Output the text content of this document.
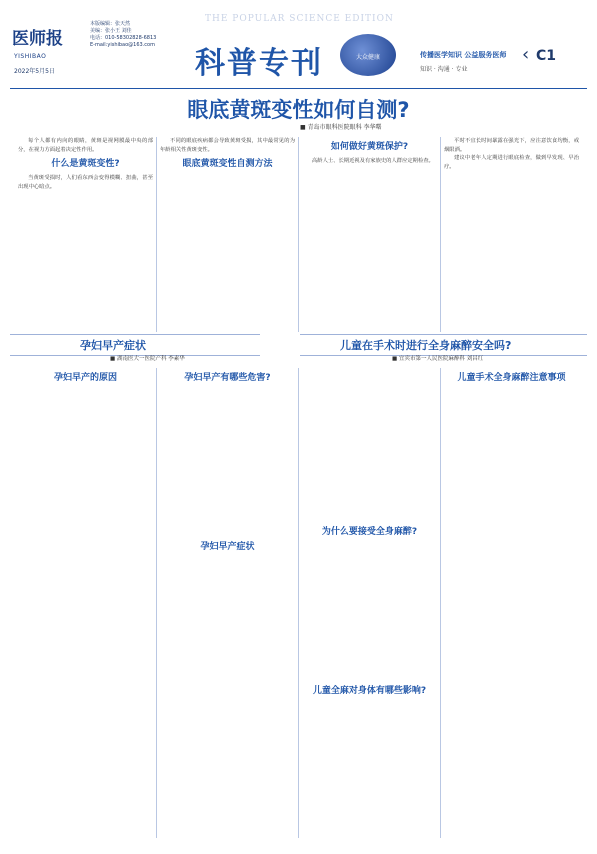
医师报
YISHIBAO
本版编辑：张天然
美编：张小王 刘佳
电话：010-58302828-6813
E-mail:yishibao@163.com
2022年5月5日
THE POPULAR SCIENCE EDITION
科普专刊	大众健康	传播医学知识 公益服务医师
知识 · 沟通 · 专业
‹ C1
眼底黄斑变性如何自测?
■ 青岛市眼科医院眼科 李华曙

每个人都有内向的眼睛，黄斑是视网膜最中央的部分，在视力方面起着决定性作用。

什么是黄斑变性?

当黄斑受损时，人们看东西会变得模糊、扭曲，甚至出现中心暗点。

不同的眼底疾病都会导致黄斑受损，其中最常见的为年龄相关性黄斑变性。

眼底黄斑变性自测方法
如何做好黄斑保护?

高龄人士、长期近视及有家族史的人群应定期检查。

平时不宜长时间暴露在强光下，应注意饮食均衡，戒烟限酒。

建议中老年人定期进行眼底检查，做到早发现、早治疗。

孕妇早产症状	儿童在手术时进行全身麻醉安全吗?
■ 湖南医大一医院产科 李素华	■ 宜宾市第一人民医院麻醉科 刘昌红
孕妇早产的原因	孕妇早产有哪些危害?
孕妇早产症状
为什么要接受全身麻醉?
儿童全麻对身体有哪些影响?
儿童手术全身麻醉注意事项
